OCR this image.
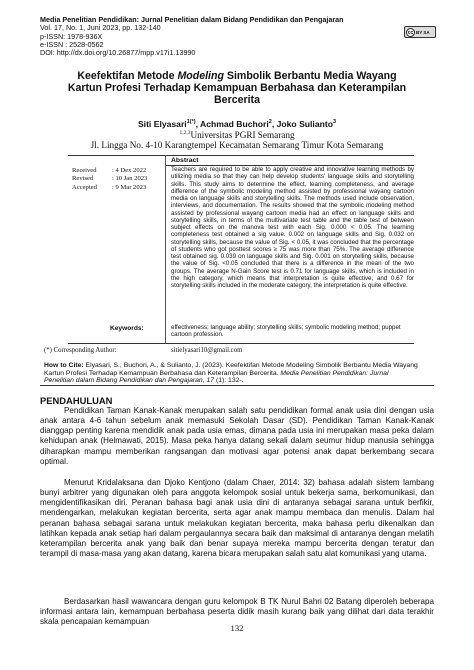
Media Penelitian Pendidikan: Jurnal Penelitian dalam Bidang Pendidikan dan Pengajaran
Vol. 17, No. 1, Juni 2023, pp. 132-140
p-ISSN: 1978-936X
e-ISSN : 2528-0562
DOI: http://dx.doi.org/10.26877/mpp.v17i1.13990
cc BY SA
Keefektifan Metode Modeling Simbolik Berbantu Media Wayang
Kartun Profesi Terhadap Kemampuan Berbahasa dan Keterampilan
Bercerita
Siti Elyasari$^{1(*)}$, Achmad Buchori$^2$, Joko Sulianto$^3$
$^{1,2,3}$Universitas PGRI Semarang
Jl. Lingga No. 4-10 Karangtempel Kecamatan Semarang Timur Kota Semarang
Received	: 4 Dex 2022
Revised	: 10 Jan 2023
Accepted	: 9 Mar 2023
Abstract
Teachers are required to be able to apply creative and innovative learning methods by utilizing media so that they can help develop students' language skills and storytelling skills. This study aims to determine the effect, learning completeness, and average difference of the symbolic modeling method assisted by professional wayang cartoon media on language skills and storytelling skills. The methods used include observation, interviews, and documentation. The results showed that the symbolic modeling method assisted by professional wayang cartoon media had an effect on language skills and storytelling skills, in terms of the multivariate test table and the table test of between subject effects on the manova test with each Sig. 0.000 < 0.05. The learning completeness test obtained a sig value. 0.002 on language skills and Sig. 0.032 on storytelling skills, because the value of Sig. < 0.05, it was concluded that the percentage of students who got posttest scores ≥ 75 was more than 75%. The average difference test obtained sig. 0.039 on language skills and Sig. 0.001 on storytelling skills, because the value of Sig. <0.05 concluded that there is a difference in the mean of the two groups. The average N-Gain Score test is 0.71 for language skills, which is included in the high category, which means that interpretation is quite effective, and 0.67 for storytelling skills included in the moderate category, the interpretation is quite effective.
Keywords:	effectiveness; language ability; storytelling skills; symbolic modeling method; puppet cartoon profession.
(*) Corresponding Author:	sitielyasari10@gmail.com
How to Cite: Elyasari, S., Buchori, A., & Sulianto, J. (2023). Keefektifan Metode Modeling Simbolik Berbantu Media Wayang Kartun Profesi Terhadap Kemampuan Berbahasa dan Keterampilan Bercerita. Media Penelitian Pendidikan: Jurnal Penelitian dalam Bidang Pendidikan dan Pengajaran, 17 (1): 132-.
PENDAHULUAN

Pendidikan Taman Kanak-Kanak merupakan salah satu pendidikan formal anak usia dini dengan usia anak antara 4-6 tahun sebelum anak memasuki Sekolah Dasar (SD). Pendidikan Taman Kanak-Kanak dianggap penting karena mendidik anak pada usia emas, dimana pada usia ini merupakan masa peka dalam kehidupan anak (Helmawati, 2015). Masa peka hanya datang sekali dalam seumur hidup manusia sehingga diharapkan mampu memberikan rangsangan dan motivasi agar potensi anak dapat berkembang secara optimal.

Menurut Kridalaksana dan Djoko Kentjono (dalam Chaer, 2014: 32) bahasa adalah sistem lambang bunyi arbitrer yang digunakan oleh para anggota kelompok sosial untuk bekerja sama, berkomunikasi, dan mengidentifikasikan diri. Peranan bahasa bagi anak usia dini di antaranya sebagai sarana untuk berfikir, mendengarkan, melakukan kegiatan bercerita, serta agar anak mampu membaca dan menulis. Dalam hal peranan bahasa sebagai sarana untuk melakukan kegiatan bercerita, maka bahasa perlu dikenalkan dan latihkan kepada anak setiap hari dalam pergaulannya secara baik dan maksimal di antaranya dengan melatih keterampilan bercerita anak yang baik dan benar supaya mereka mampu bercerita dengan teratur dan terampil di masa-masa yang akan datang, karena bicara merupakan salah satu alat komunikasi yang utama.

Berdasarkan hasil wawancara dengan guru kelompok B TK Nurul Bahri 02 Batang diperoleh beberapa informasi antara lain, kemampuan berbahasa peserta didik masih kurang baik yang dilihat dari data terakhir skala pencapaian kemampuan

132
